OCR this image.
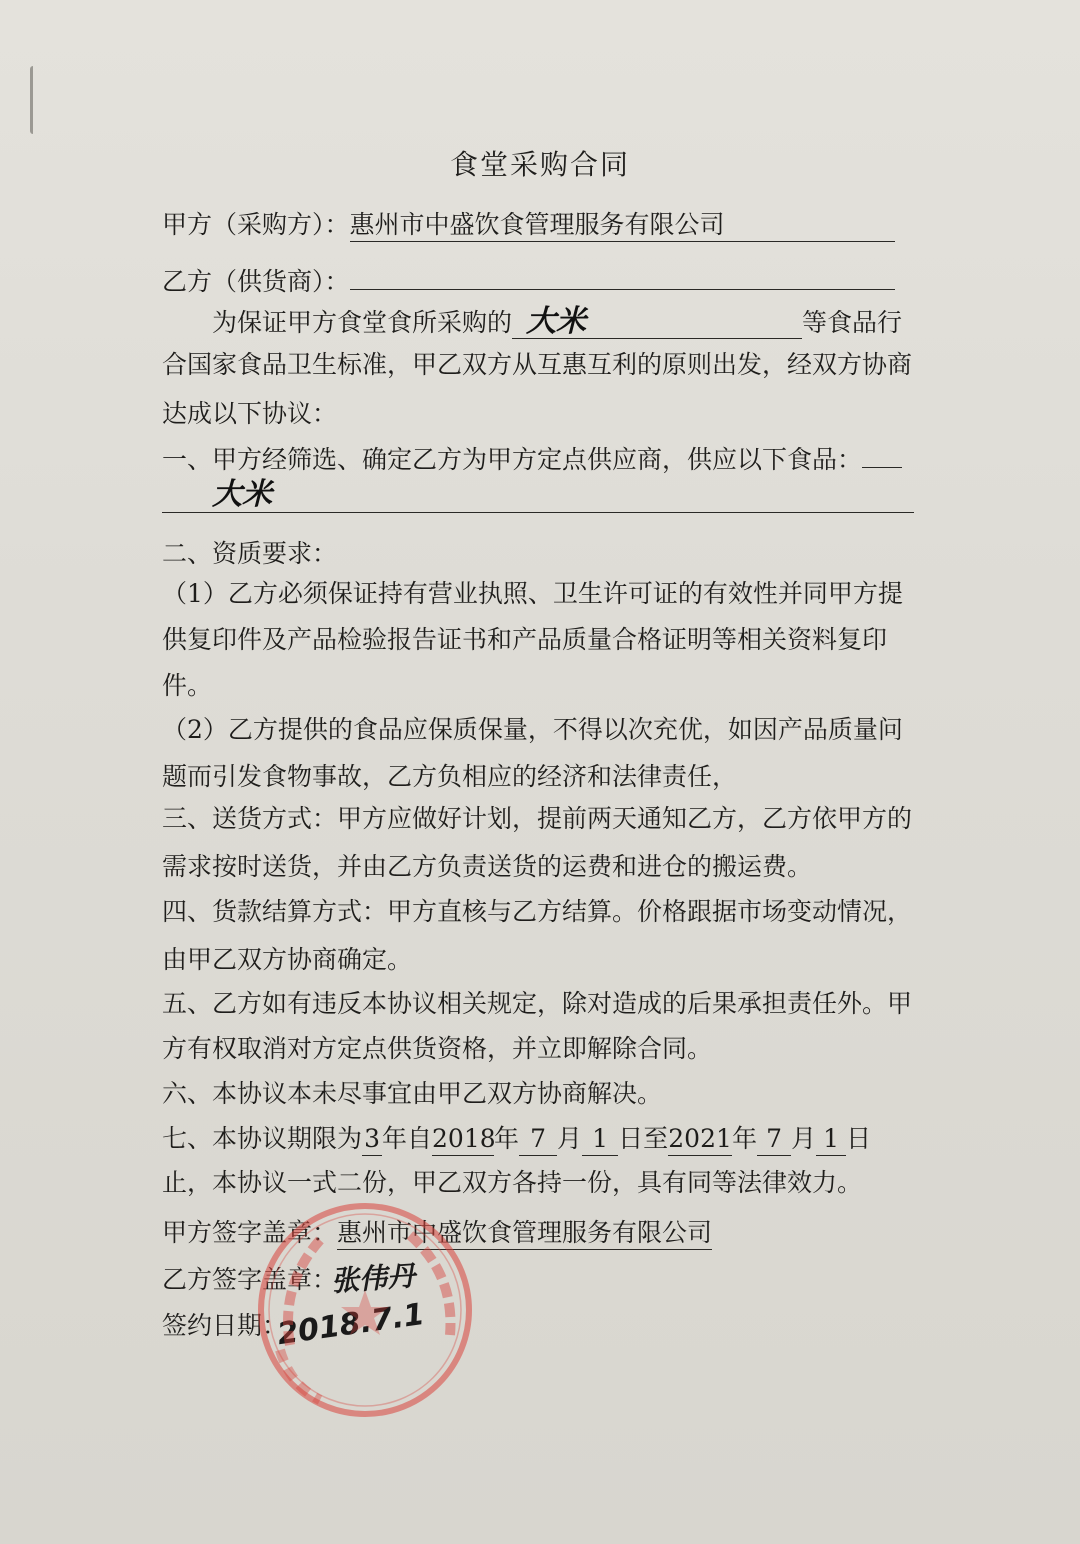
食堂采购合同
甲方（采购方）：惠州市中盛饮食管理服务有限公司
乙方（供货商）：
为保证甲方食堂食所采购的 大米	等食品行
合国家食品卫生标准，甲乙双方从互惠互利的原则出发，经双方协商
达成以下协议：
一、甲方经筛选、确定乙方为甲方定点供应商，供应以下食品：
大米
二、资质要求：
（1）乙方必须保证持有营业执照、卫生许可证的有效性并同甲方提
供复印件及产品检验报告证书和产品质量合格证明等相关资料复印
件。
（2）乙方提供的食品应保质保量，不得以次充优，如因产品质量问
题而引发食物事故，乙方负相应的经济和法律责任，
三、送货方式：甲方应做好计划，提前两天通知乙方，乙方依甲方的
需求按时送货，并由乙方负责送货的运费和进仓的搬运费。
四、货款结算方式：甲方直核与乙方结算。价格跟据市场变动情况，
由甲乙双方协商确定。
五、乙方如有违反本协议相关规定，除对造成的后果承担责任外。甲
方有权取消对方定点供货资格，并立即解除合同。
六、本协议本未尽事宜由甲乙双方协商解决。
七、本协议期限为3年自2018年 7 月 1 日至2021年 7 月 1 日
止，本协议一式二份，甲乙双方各持一份，具有同等法律效力。
甲方签字盖章：惠州市中盛饮食管理服务有限公司
乙方签字盖章：张伟丹
签约日期：2018.7.1
